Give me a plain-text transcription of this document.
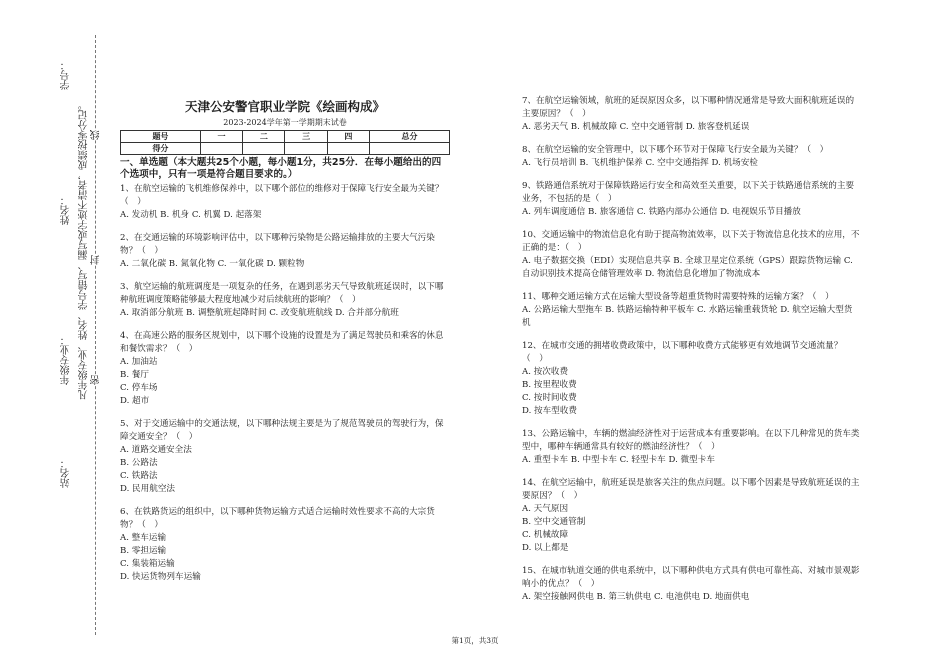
学号：
姓名： 凡年级专业、姓名、学号错写、漏写或字迹不清者，成绩按零分记。
年级专业：
站名：
密
封
线
天津公安警官职业学院《绘画构成》
2023-2024学年第一学期期末试卷
题号	一	二	三	四	总分
得分					

一、单选题（本大题共25个小题，每小题1分，共25分．在每小题给出的四个选项中，只有一项是符合题目要求的。）

1、在航空运输的飞机维修保养中，以下哪个部位的维修对于保障飞行安全最为关键？（　）

A. 发动机 B. 机身 C. 机翼 D. 起落架

2、在交通运输的环境影响评估中，以下哪种污染物是公路运输排放的主要大气污染物？（　）

A. 二氧化碳 B. 氮氧化物 C. 一氧化碳 D. 颗粒物

3、航空运输的航班调度是一项复杂的任务，在遇到恶劣天气导致航班延误时，以下哪种航班调度策略能够最大程度地减少对后续航班的影响？（　）

A. 取消部分航班 B. 调整航班起降时间 C. 改变航班航线 D. 合并部分航班

4、在高速公路的服务区规划中，以下哪个设施的设置是为了满足驾驶员和乘客的休息和餐饮需求？（　）

A. 加油站

B. 餐厅

C. 停车场

D. 超市

5、对于交通运输中的交通法规，以下哪种法规主要是为了规范驾驶员的驾驶行为，保障交通安全？（　）

A. 道路交通安全法

B. 公路法

C. 铁路法

D. 民用航空法

6、在铁路货运的组织中，以下哪种货物运输方式适合运输时效性要求不高的大宗货物？（　）

A. 整车运输

B. 零担运输

C. 集装箱运输

D. 快运货物列车运输

7、在航空运输领域，航班的延误原因众多，以下哪种情况通常是导致大面积航班延误的主要原因？（　）

A. 恶劣天气 B. 机械故障 C. 空中交通管制 D. 旅客登机延误

8、在航空运输的安全管理中，以下哪个环节对于保障飞行安全最为关键？（　）

A. 飞行员培训 B. 飞机维护保养 C. 空中交通指挥 D. 机场安检

9、铁路通信系统对于保障铁路运行安全和高效至关重要，以下关于铁路通信系统的主要业务，不包括的是（　）

A. 列车调度通信 B. 旅客通信 C. 铁路内部办公通信 D. 电视娱乐节目播放

10、交通运输中的物流信息化有助于提高物流效率，以下关于物流信息化技术的应用，不正确的是：（　）

A. 电子数据交换（EDI）实现信息共享 B. 全球卫星定位系统（GPS）跟踪货物运输 C. 自动识别技术提高仓储管理效率 D. 物流信息化增加了物流成本

11、哪种交通运输方式在运输大型设备等超重货物时需要特殊的运输方案？（　）

A. 公路运输大型拖车 B. 铁路运输特种平板车 C. 水路运输重载货轮 D. 航空运输大型货机

12、在城市交通的拥堵收费政策中，以下哪种收费方式能够更有效地调节交通流量？（　）

A. 按次收费

B. 按里程收费

C. 按时间收费

D. 按车型收费

13、公路运输中，车辆的燃油经济性对于运营成本有重要影响。在以下几种常见的货车类型中，哪种车辆通常具有较好的燃油经济性？（　）

A. 重型卡车 B. 中型卡车 C. 轻型卡车 D. 微型卡车

14、在航空运输中，航班延误是旅客关注的焦点问题。以下哪个因素是导致航班延误的主要原因？（　）

A. 天气原因

B. 空中交通管制

C. 机械故障

D. 以上都是

15、在城市轨道交通的供电系统中，以下哪种供电方式具有供电可靠性高、对城市景观影响小的优点？（　）

A. 架空接触网供电 B. 第三轨供电 C. 电池供电 D. 地面供电

第1页，共3页
